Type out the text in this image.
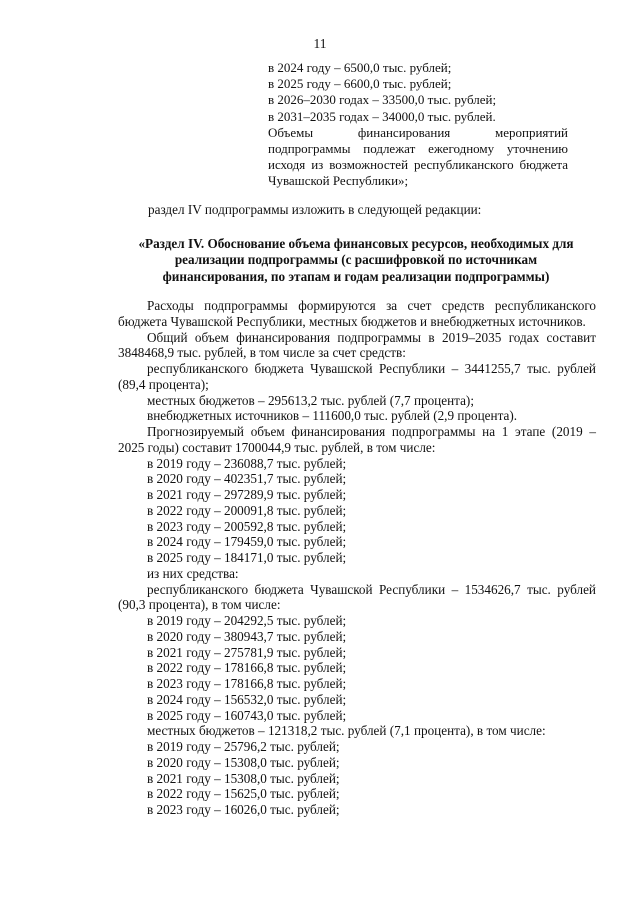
11

в 2024 году – 6500,0 тыс. рублей;

в 2025 году – 6600,0 тыс. рублей;

в 2026–2030 годах – 33500,0 тыс. рублей;

в 2031–2035 годах – 34000,0 тыс. рублей.

Объемы финансирования мероприятий подпрограммы подлежат ежегодному уточнению исходя из возможностей республиканского бюджета Чувашской Республики»;

раздел IV подпрограммы изложить в следующей редакции:
«Раздел IV. Обоснование объема финансовых ресурсов, необходимых для реализации подпрограммы (с расшифровкой по источникам финансирования, по этапам и годам реализации подпрограммы)

Расходы подпрограммы формируются за счет средств республиканского бюджета Чувашской Республики, местных бюджетов и внебюджетных источников.

Общий объем финансирования подпрограммы в 2019–2035 годах составит 3848468,9 тыс. рублей, в том числе за счет средств:

республиканского бюджета Чувашской Республики – 3441255,7 тыс. рублей (89,4 процента);

местных бюджетов – 295613,2 тыс. рублей (7,7 процента);

внебюджетных источников – 111600,0 тыс. рублей (2,9 процента).

Прогнозируемый объем финансирования подпрограммы на 1 этапе (2019 – 2025 годы) составит 1700044,9 тыс. рублей, в том числе:

в 2019 году – 236088,7 тыс. рублей;

в 2020 году – 402351,7 тыс. рублей;

в 2021 году – 297289,9 тыс. рублей;

в 2022 году – 200091,8 тыс. рублей;

в 2023 году – 200592,8 тыс. рублей;

в 2024 году – 179459,0 тыс. рублей;

в 2025 году – 184171,0 тыс. рублей;

из них средства:

республиканского бюджета Чувашской Республики – 1534626,7 тыс. рублей (90,3 процента), в том числе:

в 2019 году – 204292,5 тыс. рублей;

в 2020 году – 380943,7 тыс. рублей;

в 2021 году – 275781,9 тыс. рублей;

в 2022 году – 178166,8 тыс. рублей;

в 2023 году – 178166,8 тыс. рублей;

в 2024 году – 156532,0 тыс. рублей;

в 2025 году – 160743,0 тыс. рублей;

местных бюджетов – 121318,2 тыс. рублей (7,1 процента), в том числе:

в 2019 году – 25796,2 тыс. рублей;

в 2020 году – 15308,0 тыс. рублей;

в 2021 году – 15308,0 тыс. рублей;

в 2022 году – 15625,0 тыс. рублей;

в 2023 году – 16026,0 тыс. рублей;
